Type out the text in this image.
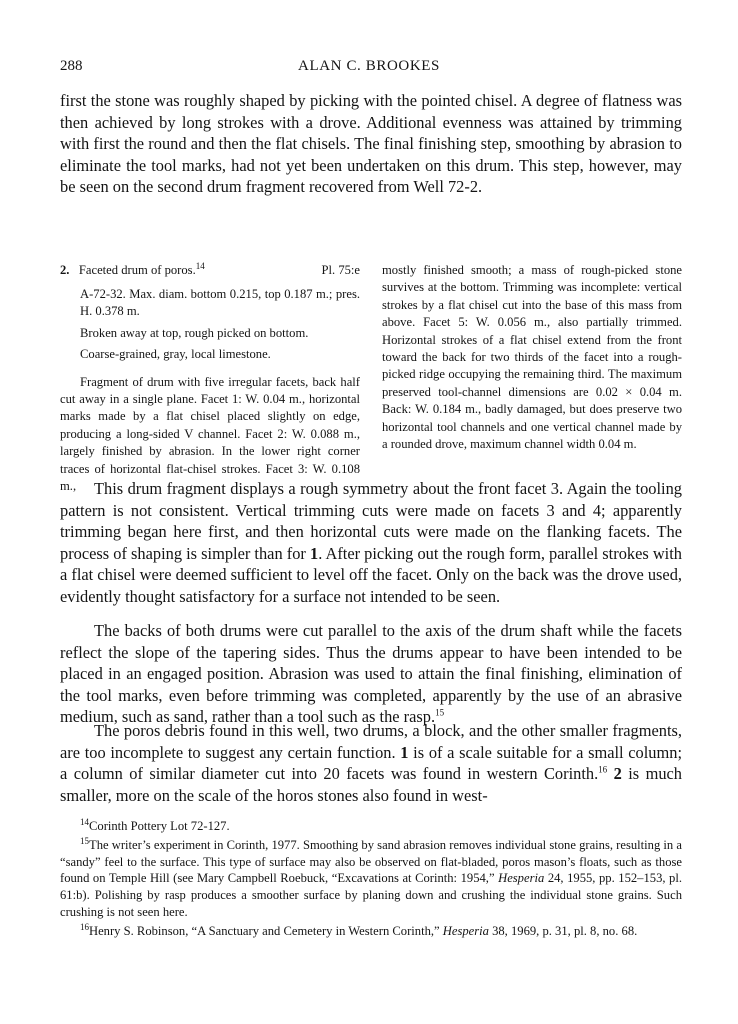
288	ALAN C. BROOKES

first the stone was roughly shaped by picking with the pointed chisel. A degree of flatness was then achieved by long strokes with a drove. Additional evenness was attained by trimming with first the round and then the flat chisels. The final finishing step, smoothing by abrasion to eliminate the tool marks, had not yet been undertaken on this drum. This step, however, may be seen on the second drum fragment recovered from Well 72-2.

2. Faceted drum of poros.$^{14}$	Pl. 75:e

A-72-32. Max. diam. bottom 0.215, top 0.187 m.; pres. H. 0.378 m.

Broken away at top, rough picked on bottom.

Coarse-grained, gray, local limestone.

Fragment of drum with five irregular facets, back half cut away in a single plane. Facet 1: W. 0.04 m., horizontal marks made by a flat chisel placed slightly on edge, producing a long-sided V channel. Facet 2: W. 0.088 m., largely finished by abrasion. In the lower right corner traces of horizontal flat-chisel strokes. Facet 3: W. 0.108 m.,

mostly finished smooth; a mass of rough-picked stone survives at the bottom. Trimming was incomplete: vertical strokes by a flat chisel cut into the base of this mass from above. Facet 5: W. 0.056 m., also partially trimmed. Horizontal strokes of a flat chisel extend from the front toward the back for two thirds of the facet into a rough-picked ridge occupying the remaining third. The maximum preserved tool-channel dimensions are 0.02 × 0.04 m. Back: W. 0.184 m., badly damaged, but does preserve two horizontal tool channels and one vertical channel made by a rounded drove, maximum channel width 0.04 m.

This drum fragment displays a rough symmetry about the front facet 3. Again the tooling pattern is not consistent. Vertical trimming cuts were made on facets 3 and 4; apparently trimming began here first, and then horizontal cuts were made on the flanking facets. The process of shaping is simpler than for 1. After picking out the rough form, parallel strokes with a flat chisel were deemed sufficient to level off the facet. Only on the back was the drove used, evidently thought satisfactory for a surface not intended to be seen.

The backs of both drums were cut parallel to the axis of the drum shaft while the facets reflect the slope of the tapering sides. Thus the drums appear to have been intended to be placed in an engaged position. Abrasion was used to attain the final finishing, elimination of the tool marks, even before trimming was completed, apparently by the use of an abrasive medium, such as sand, rather than a tool such as the rasp.$^{15}$

The poros debris found in this well, two drums, a block, and the other smaller fragments, are too incomplete to suggest any certain function. 1 is of a scale suitable for a small column; a column of similar diameter cut into 20 facets was found in western Corinth.$^{16}$ 2 is much smaller, more on the scale of the horos stones also found in west-

$^{14}$Corinth Pottery Lot 72-127.

$^{15}$The writer’s experiment in Corinth, 1977. Smoothing by sand abrasion removes individual stone grains, resulting in a “sandy” feel to the surface. This type of surface may also be observed on flat-bladed, poros mason’s floats, such as those found on Temple Hill (see Mary Campbell Roebuck, “Excavations at Corinth: 1954,” Hesperia 24, 1955, pp. 152–153, pl. 61:b). Polishing by rasp produces a smoother surface by planing down and crushing the individual stone grains. Such crushing is not seen here.

$^{16}$Henry S. Robinson, “A Sanctuary and Cemetery in Western Corinth,” Hesperia 38, 1969, p. 31, pl. 8, no. 68.
